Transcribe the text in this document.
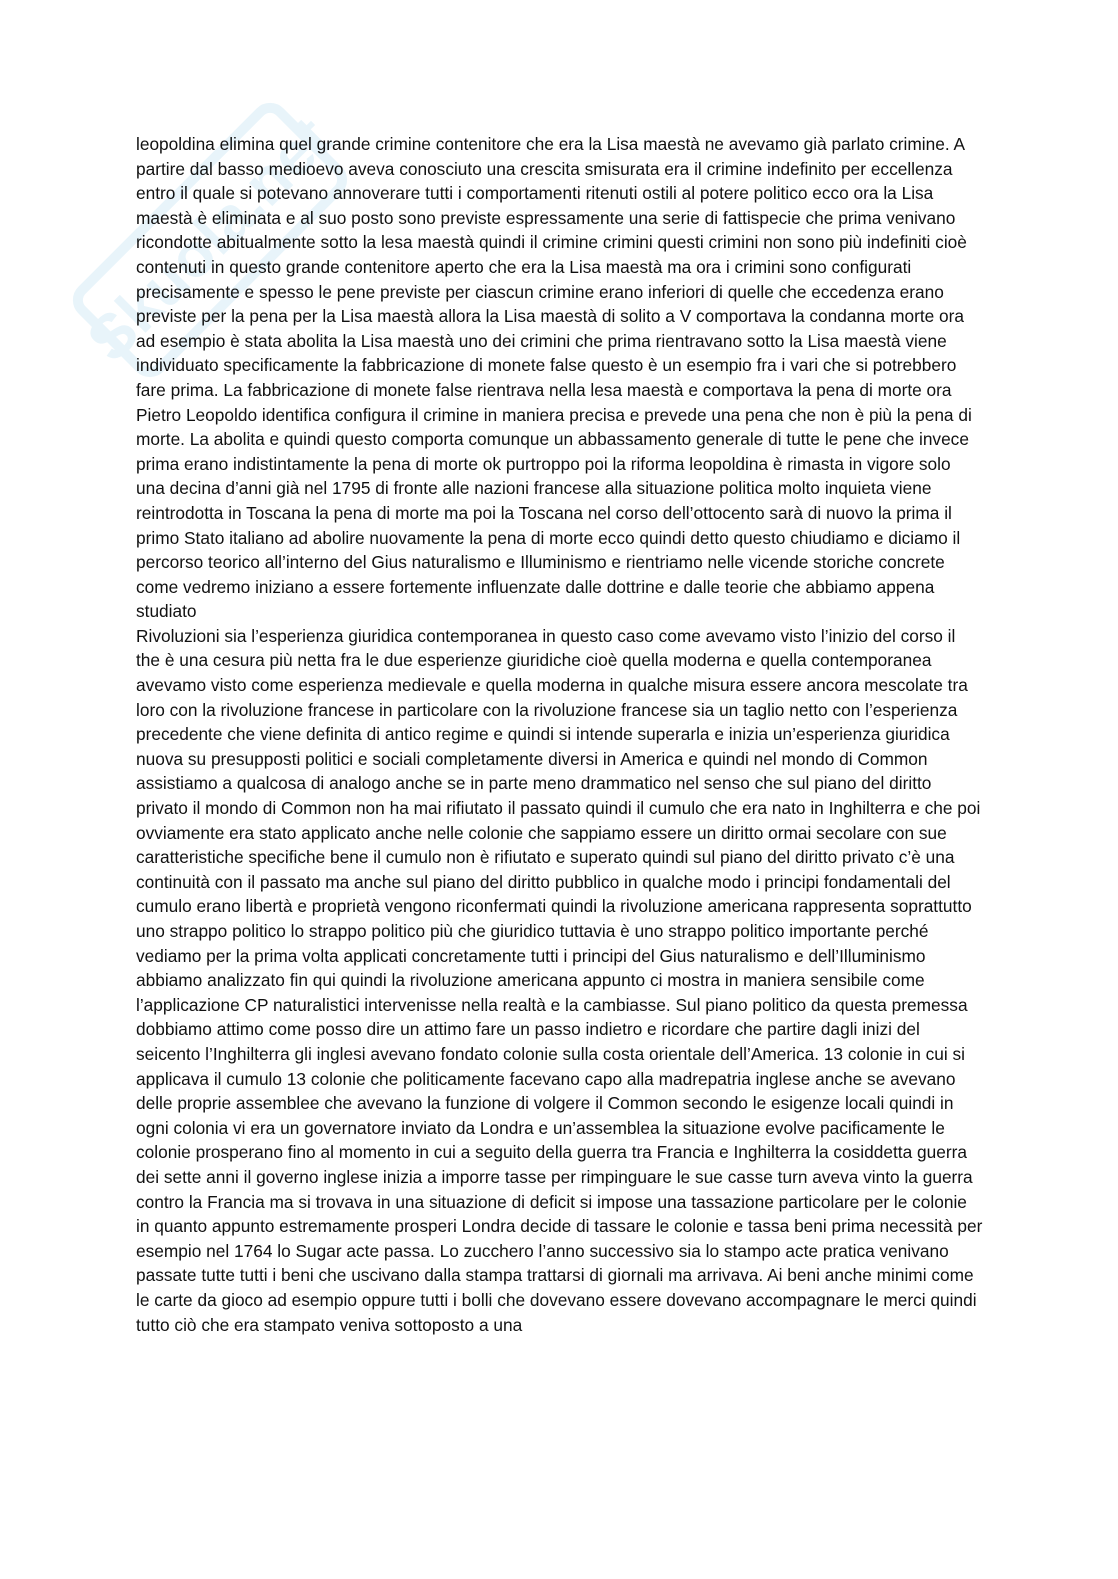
Skuola.net

leopoldina elimina quel grande crimine contenitore che era la Lisa maestà ne avevamo già parlato crimine. A partire dal basso medioevo aveva conosciuto una crescita smisurata era il crimine indefinito per eccellenza entro il quale si potevano annoverare tutti i comportamenti ritenuti ostili al potere politico ecco ora la Lisa maestà è eliminata e al suo posto sono previste espressamente una serie di fattispecie che prima venivano ricondotte abitualmente sotto la lesa maestà quindi il crimine crimini questi crimini non sono più indefiniti cioè contenuti in questo grande contenitore aperto che era la Lisa maestà ma ora i crimini sono configurati precisamente e spesso le pene previste per ciascun crimine erano inferiori di quelle che eccedenza erano previste per la pena per la Lisa maestà allora la Lisa maestà di solito a V comportava la condanna morte ora ad esempio è stata abolita la Lisa maestà uno dei crimini che prima rientravano sotto la Lisa maestà viene individuato specificamente la fabbricazione di monete false questo è un esempio fra i vari che si potrebbero fare prima. La fabbricazione di monete false rientrava nella lesa maestà e comportava la pena di morte ora Pietro Leopoldo identifica configura il crimine in maniera precisa e prevede una pena che non è più la pena di morte. La abolita e quindi questo comporta comunque un abbassamento generale di tutte le pene che invece prima erano indistintamente la pena di morte ok purtroppo poi la riforma leopoldina è rimasta in vigore solo una decina d’anni già nel 1795 di fronte alle nazioni francese alla situazione politica molto inquieta viene reintrodotta in Toscana la pena di morte ma poi la Toscana nel corso dell’ottocento sarà di nuovo la prima il primo Stato italiano ad abolire nuovamente la pena di morte ecco quindi detto questo chiudiamo e diciamo il percorso teorico all’interno del Gius naturalismo e Illuminismo e rientriamo nelle vicende storiche concrete come vedremo iniziano a essere fortemente influenzate dalle dottrine e dalle teorie che abbiamo appena studiato

Rivoluzioni sia l’esperienza giuridica contemporanea in questo caso come avevamo visto l’inizio del corso il the è una cesura più netta fra le due esperienze giuridiche cioè quella moderna e quella contemporanea avevamo visto come esperienza medievale e quella moderna in qualche misura essere ancora mescolate tra loro con la rivoluzione francese in particolare con la rivoluzione francese sia un taglio netto con l’esperienza precedente che viene definita di antico regime e quindi si intende superarla e inizia un’esperienza giuridica nuova su presupposti politici e sociali completamente diversi in America e quindi nel mondo di Common assistiamo a qualcosa di analogo anche se in parte meno drammatico nel senso che sul piano del diritto privato il mondo di Common non ha mai rifiutato il passato quindi il cumulo che era nato in Inghilterra e che poi ovviamente era stato applicato anche nelle colonie che sappiamo essere un diritto ormai secolare con sue caratteristiche specifiche bene il cumulo non è rifiutato e superato quindi sul piano del diritto privato c’è una continuità con il passato ma anche sul piano del diritto pubblico in qualche modo i principi fondamentali del cumulo erano libertà e proprietà vengono riconfermati quindi la rivoluzione americana rappresenta soprattutto uno strappo politico lo strappo politico più che giuridico tuttavia è uno strappo politico importante perché vediamo per la prima volta applicati concretamente tutti i principi del Gius naturalismo e dell’Illuminismo abbiamo analizzato fin qui quindi la rivoluzione americana appunto ci mostra in maniera sensibile come l’applicazione CP naturalistici intervenisse nella realtà e la cambiasse. Sul piano politico da questa premessa dobbiamo attimo come posso dire un attimo fare un passo indietro e ricordare che partire dagli inizi del seicento l’Inghilterra gli inglesi avevano fondato colonie sulla costa orientale dell’America. 13 colonie in cui si applicava il cumulo 13 colonie che politicamente facevano capo alla madrepatria inglese anche se avevano delle proprie assemblee che avevano la funzione di volgere il Common secondo le esigenze locali quindi in ogni colonia vi era un governatore inviato da Londra e un’assemblea la situazione evolve pacificamente le colonie prosperano fino al momento in cui a seguito della guerra tra Francia e Inghilterra la cosiddetta guerra dei sette anni il governo inglese inizia a imporre tasse per rimpinguare le sue casse turn aveva vinto la guerra contro la Francia ma si trovava in una situazione di deficit si impose una tassazione particolare per le colonie in quanto appunto estremamente prosperi Londra decide di tassare le colonie e tassa beni prima necessità per esempio nel 1764 lo Sugar acte passa. Lo zucchero l’anno successivo sia lo stampo acte pratica venivano passate tutte tutti i beni che uscivano dalla stampa trattarsi di giornali ma arrivava. Ai beni anche minimi come le carte da gioco ad esempio oppure tutti i bolli che dovevano essere dovevano accompagnare le merci quindi tutto ciò che era stampato veniva sottoposto a una
